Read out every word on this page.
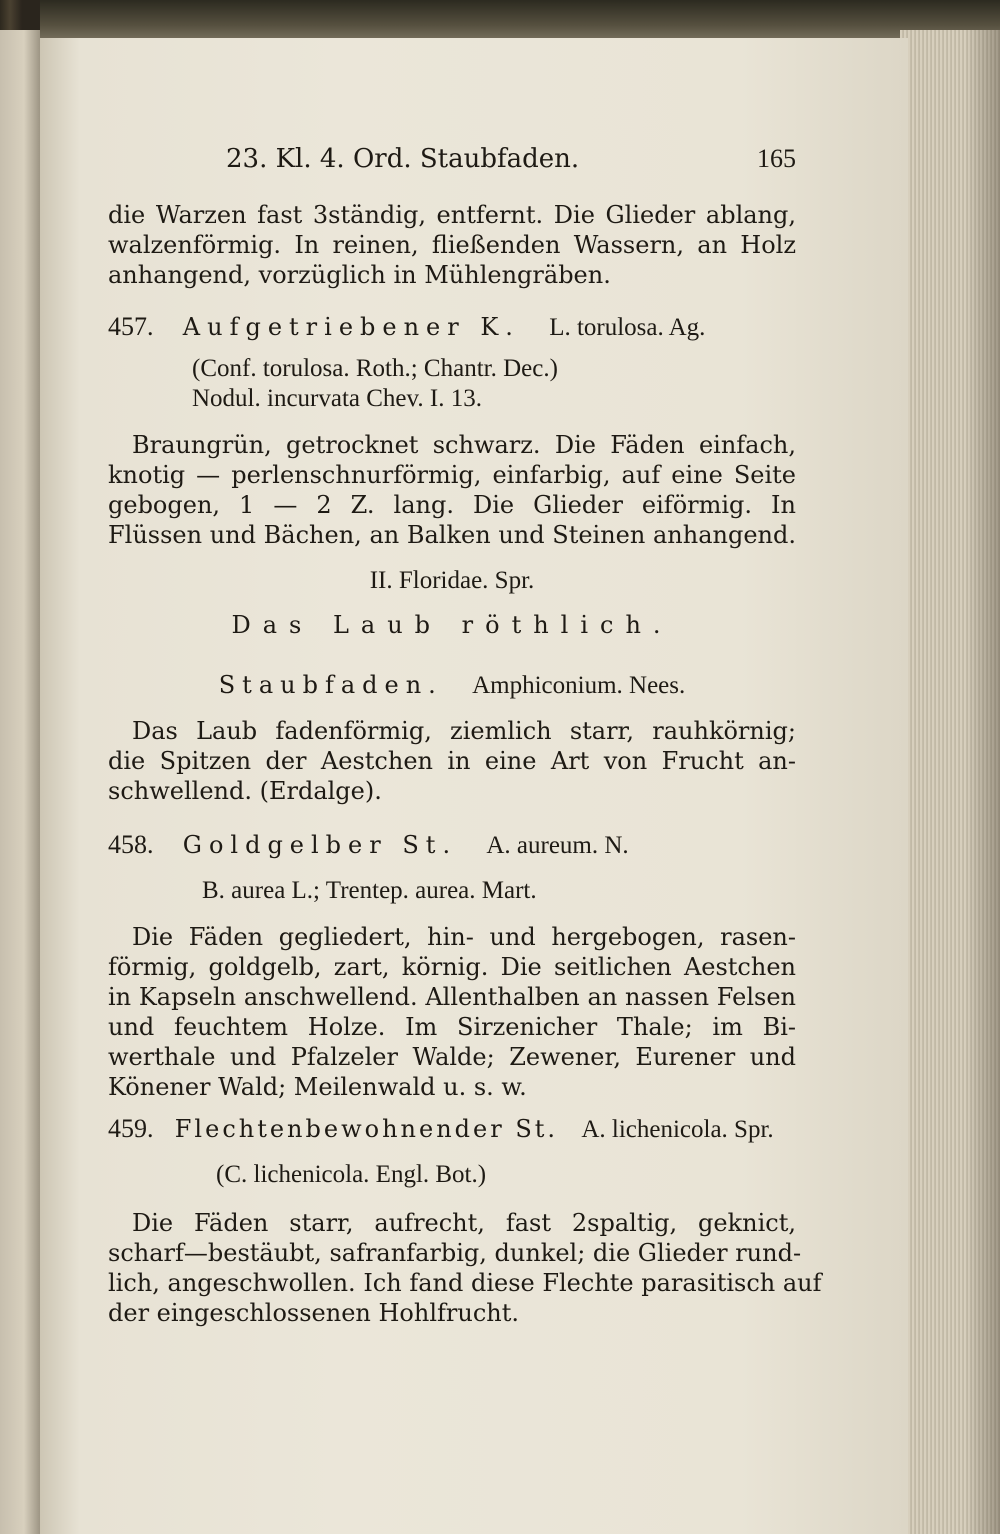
23. Kl. 4. Ord. Staubfaden.	165
die Warzen fast 3ständig, entfernt. Die Glieder ablang,
walzenförmig. In reinen, fließenden Wassern, an Holz
anhangend, vorzüglich in Mühlengräben.
457. Aufgetriebener K. L. torulosa. Ag.
(Conf. torulosa. Roth.; Chantr. Dec.)
Nodul. incurvata Chev. I. 13.
Braungrün, getrocknet schwarz. Die Fäden einfach,
knotig — perlenschnurförmig, einfarbig, auf eine Seite
gebogen, 1 — 2 Z. lang. Die Glieder eiförmig. In
Flüssen und Bächen, an Balken und Steinen anhangend.
II. Floridae. Spr.
Das Laub röthlich.
Staubfaden. Amphiconium. Nees.
Das Laub fadenförmig, ziemlich starr, rauhkörnig;
die Spitzen der Aestchen in eine Art von Frucht an-
schwellend. (Erdalge).
458. Goldgelber St. A. aureum. N.
B. aurea L.; Trentep. aurea. Mart.
Die Fäden gegliedert, hin- und hergebogen, rasen-
förmig, goldgelb, zart, körnig. Die seitlichen Aestchen
in Kapseln anschwellend. Allenthalben an nassen Felsen
und feuchtem Holze. Im Sirzenicher Thale; im Bi-
werthale und Pfalzeler Walde; Zewener, Eurener und
Könener Wald; Meilenwald u. s. w.
459. Flechtenbewohnender St. A. lichenicola. Spr.
(C. lichenicola. Engl. Bot.)
Die Fäden starr, aufrecht, fast 2spaltig, geknict,
scharf—bestäubt, safranfarbig, dunkel; die Glieder rund-
lich, angeschwollen. Ich fand diese Flechte parasitisch auf
der eingeschlossenen Hohlfrucht.
